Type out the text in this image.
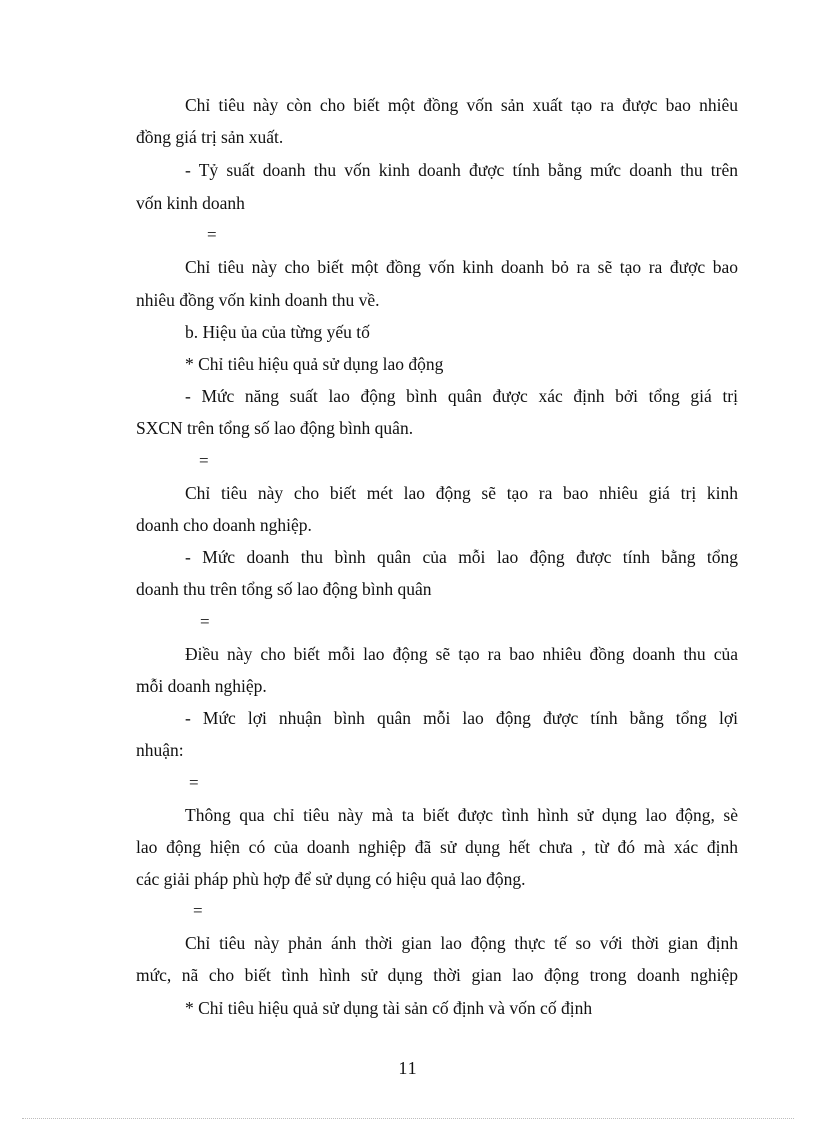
Chỉ tiêu này còn cho biết một đồng vốn sản xuất tạo ra được bao nhiêu
đồng giá trị sản xuất.
- Tỷ suất doanh thu vốn kinh doanh được tính bằng mức doanh thu trên
vốn kinh doanh
=
Chỉ tiêu này cho biết một đồng vốn kinh doanh bỏ ra sẽ tạo ra được bao
nhiêu đồng vốn kinh doanh thu về.
b. Hiệu ủa của từng yếu tố
* Chỉ tiêu hiệu quả sử dụng lao động
- Mức năng suất lao động bình quân được xác định bởi tổng giá trị
SXCN trên tổng số lao động bình quân.
=
Chỉ tiêu này cho biết mét lao động sẽ tạo ra bao nhiêu giá trị kinh
doanh cho doanh nghiệp.
- Mức doanh thu bình quân của mỗi lao động được tính bằng tổng
doanh thu trên tổng số lao động bình quân
=
Điều này cho biết mỗi lao động sẽ tạo ra bao nhiêu đồng doanh thu của
mỗi doanh nghiệp.
- Mức lợi nhuận bình quân mỗi lao động được tính bằng tổng lợi
nhuận:
=
Thông qua chỉ tiêu này mà ta biết được tình hình sử dụng lao động, sè
lao động hiện có của doanh nghiệp đã sử dụng hết chưa , từ đó mà xác định
các giải pháp phù hợp để sử dụng có hiệu quả lao động.
=
Chỉ tiêu này phản ánh thời gian lao động thực tế so với thời gian định
mức, nã cho biết tình hình sử dụng thời gian lao động trong doanh nghiệp
* Chỉ tiêu hiệu quả sử dụng tài sản cố định và vốn cố định
11
